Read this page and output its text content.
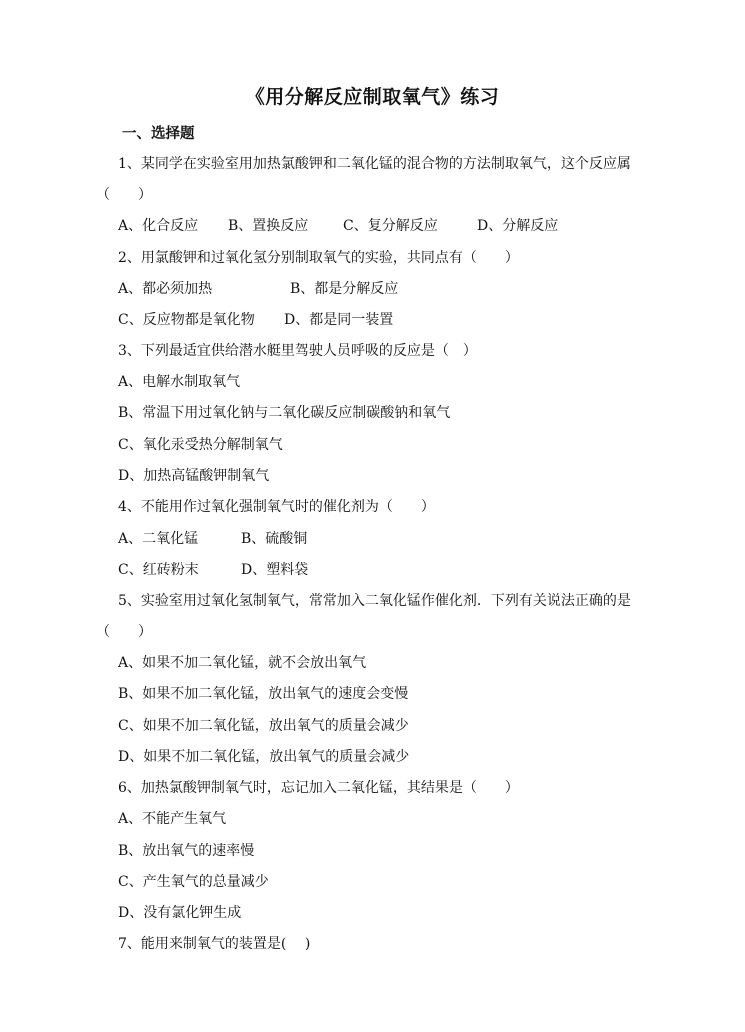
《用分解反应制取氧气》练习
一、选择题
1、某同学在实验室用加热氯酸钾和二氧化锰的混合物的方法制取氧气，这个反应属
（　　）
A、化合反应 B、置换反应 C、复分解反应	D、分解反应
2、用氯酸钾和过氧化氢分别制取氧气的实验，共同点有（　　）
A、都必须加热	B、都是分解反应
C、反应物都是氧化物 D、都是同一装置
3、下列最适宜供给潜水艇里驾驶人员呼吸的反应是（　）
A、电解水制取氧气
B、常温下用过氧化钠与二氧化碳反应制碳酸钠和氧气
C、氧化汞受热分解制氧气
D、加热高锰酸钾制氧气
4、不能用作过氧化强制氧气时的催化剂为（　　）
A、二氧化锰	B、硫酸铜
C、红砖粉末	D、塑料袋
5、实验室用过氧化氢制氧气，常常加入二氧化锰作催化剂．下列有关说法正确的是
（　　）
A、如果不加二氧化锰，就不会放出氧气
B、如果不加二氧化锰，放出氧气的速度会变慢
C、如果不加二氧化锰，放出氧气的质量会减少
D、如果不加二氧化锰，放出氧气的质量会减少
6、加热氯酸钾制氧气时，忘记加入二氧化锰，其结果是（　　）
A、不能产生氧气
B、放出氧气的速率慢
C、产生氧气的总量减少
D、没有氯化钾生成
7、能用来制氧气的装置是(　 )
